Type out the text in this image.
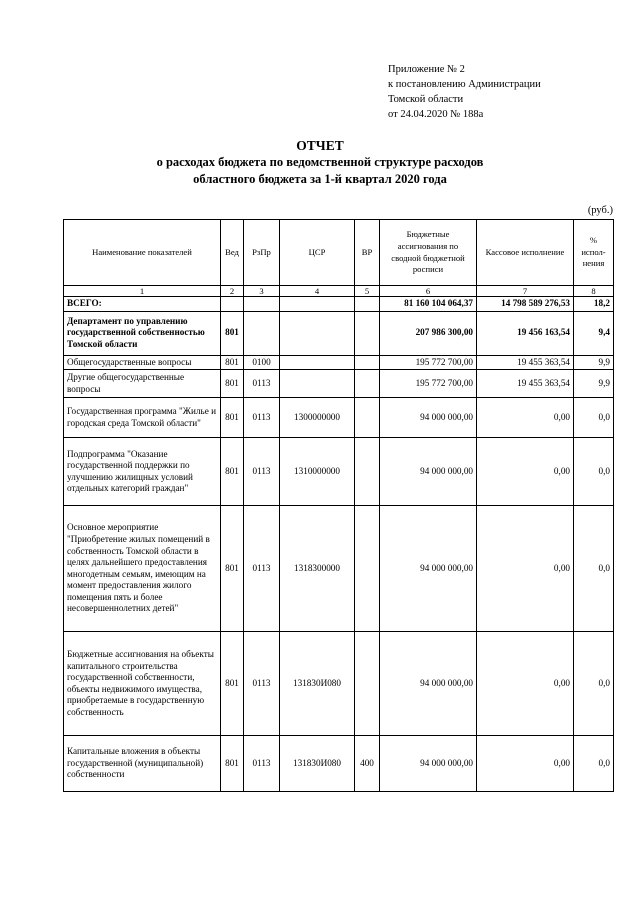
Приложение № 2
к постановлению Администрации
Томской области
от 24.04.2020 № 188а
ОТЧЕТ
о расходах бюджета по ведомственной структуре расходов
областного бюджета за 1-й квартал 2020 года
(руб.)
Наименование показателей	Вед	РзПр	ЦСР	ВР	Бюджетные ассигнования по сводной бюджетной росписи	Кассовое исполнение	% испол-нения
1	2	3	4	5	6	7	8
ВСЕГО:					81 160 104 064,37	14 798 589 276,53	18,2
Департамент по управлению государственной собственностью Томской области	801				207 986 300,00	19 456 163,54	9,4
Общегосударственные вопросы	801	0100			195 772 700,00	19 455 363,54	9,9
Другие общегосударственные вопросы	801	0113			195 772 700,00	19 455 363,54	9,9
Государственная программа "Жилье и городская среда Томской области"	801	0113	1300000000		94 000 000,00	0,00	0,0
Подпрограмма "Оказание государственной поддержки по улучшению жилищных условий отдельных категорий граждан"	801	0113	1310000000		94 000 000,00	0,00	0,0
Основное мероприятие "Приобретение жилых помещений в собственность Томской области в целях дальнейшего предоставления многодетным семьям, имеющим на момент предоставления жилого помещения пять и более несовершеннолетних детей"	801	0113	1318300000		94 000 000,00	0,00	0,0
Бюджетные ассигнования на объекты капитального строительства государственной собственности, объекты недвижимого имущества, приобретаемые в государственную собственность	801	0113	131830И080		94 000 000,00	0,00	0,0
Капитальные вложения в объекты государственной (муниципальной) собственности	801	0113	131830И080	400	94 000 000,00	0,00	0,0
